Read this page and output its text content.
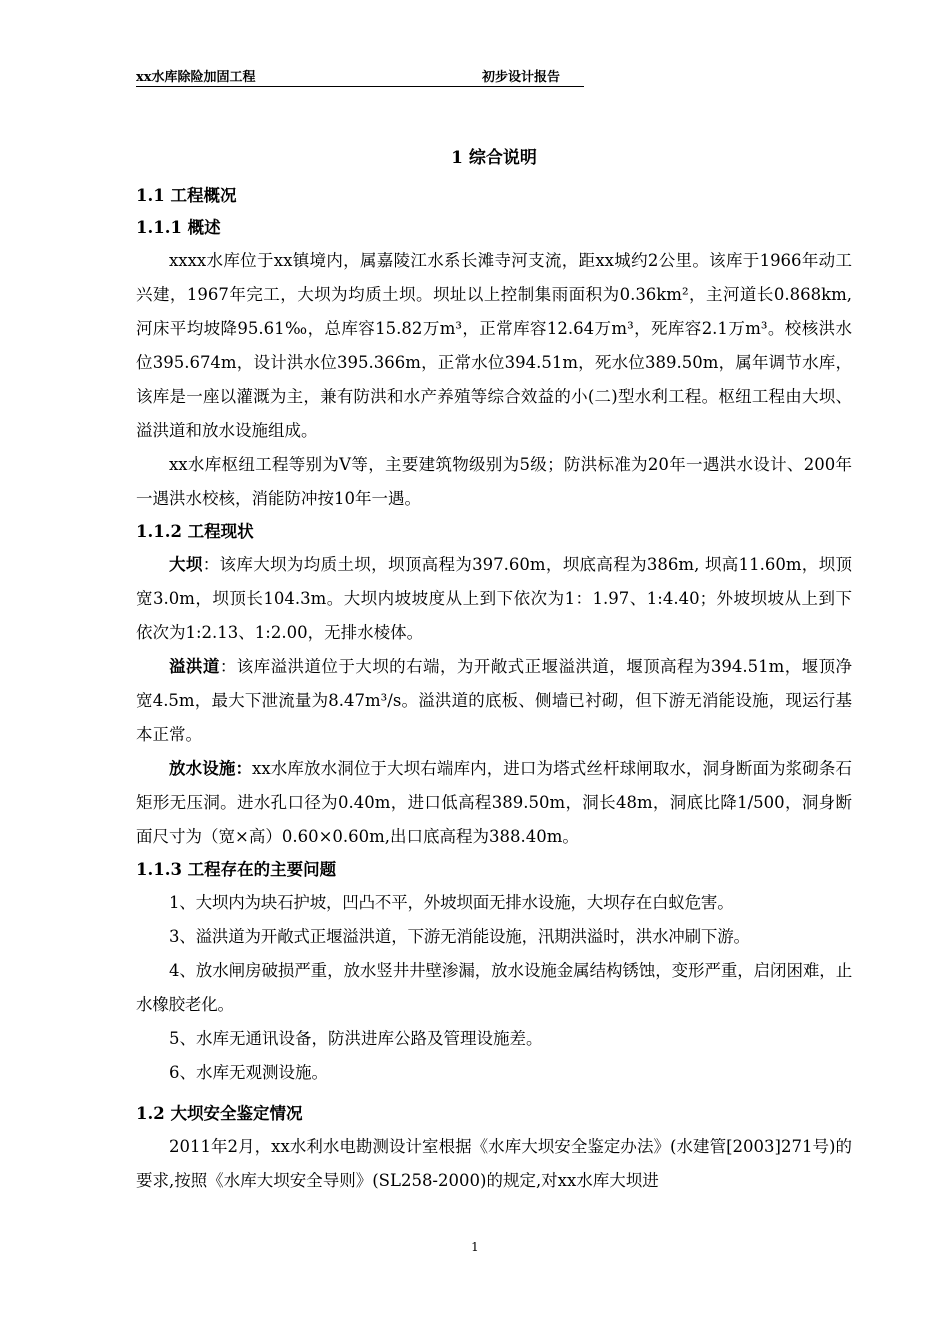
xx水库除险加固工程	初步设计报告
1 综合说明
1.1 工程概况
1.1.1 概述

xxxx水库位于xx镇境内，属嘉陵江水系长滩寺河支流，距xx城约2公里。该库于1966年动工兴建，1967年完工，大坝为均质土坝。坝址以上控制集雨面积为0.36km²，主河道长0.868km,河床平均坡降95.61‰，总库容15.82万m³，正常库容12.64万m³，死库容2.1万m³。校核洪水位395.674m，设计洪水位395.366m，正常水位394.51m，死水位389.50m，属年调节水库，该库是一座以灌溉为主，兼有防洪和水产养殖等综合效益的小(二)型水利工程。枢纽工程由大坝、溢洪道和放水设施组成。

xx水库枢纽工程等别为Ⅴ等，主要建筑物级别为5级；防洪标准为20年一遇洪水设计、200年一遇洪水校核，消能防冲按10年一遇。

1.1.2 工程现状

大坝：该库大坝为均质土坝，坝顶高程为397.60m，坝底高程为386m, 坝高11.60m，坝顶宽3.0m，坝顶长104.3m。大坝内坡坡度从上到下依次为1：1.97、1:4.40；外坡坝坡从上到下依次为1:2.13、1:2.00，无排水棱体。

溢洪道：该库溢洪道位于大坝的右端，为开敞式正堰溢洪道，堰顶高程为394.51m，堰顶净宽4.5m，最大下泄流量为8.47m³/s。溢洪道的底板、侧墙已衬砌，但下游无消能设施，现运行基本正常。

放水设施：xx水库放水洞位于大坝右端库内，进口为塔式丝杆球闸取水，洞身断面为浆砌条石矩形无压洞。进水孔口径为0.40m，进口低高程389.50m，洞长48m，洞底比降1/500，洞身断面尺寸为（宽×高）0.60×0.60m,出口底高程为388.40m。

1.1.3 工程存在的主要问题

1、大坝内为块石护坡，凹凸不平，外坡坝面无排水设施，大坝存在白蚁危害。

3、溢洪道为开敞式正堰溢洪道，下游无消能设施，汛期洪溢时，洪水冲刷下游。

4、放水闸房破损严重，放水竖井井壁渗漏，放水设施金属结构锈蚀，变形严重，启闭困难，止水橡胶老化。

5、水库无通讯设备，防洪进库公路及管理设施差。

6、水库无观测设施。

1.2 大坝安全鉴定情况

2011年2月，xx水利水电勘测设计室根据《水库大坝安全鉴定办法》(水建管[2003]271号)的要求,按照《水库大坝安全导则》(SL258-2000)的规定,对xx水库大坝进

1
